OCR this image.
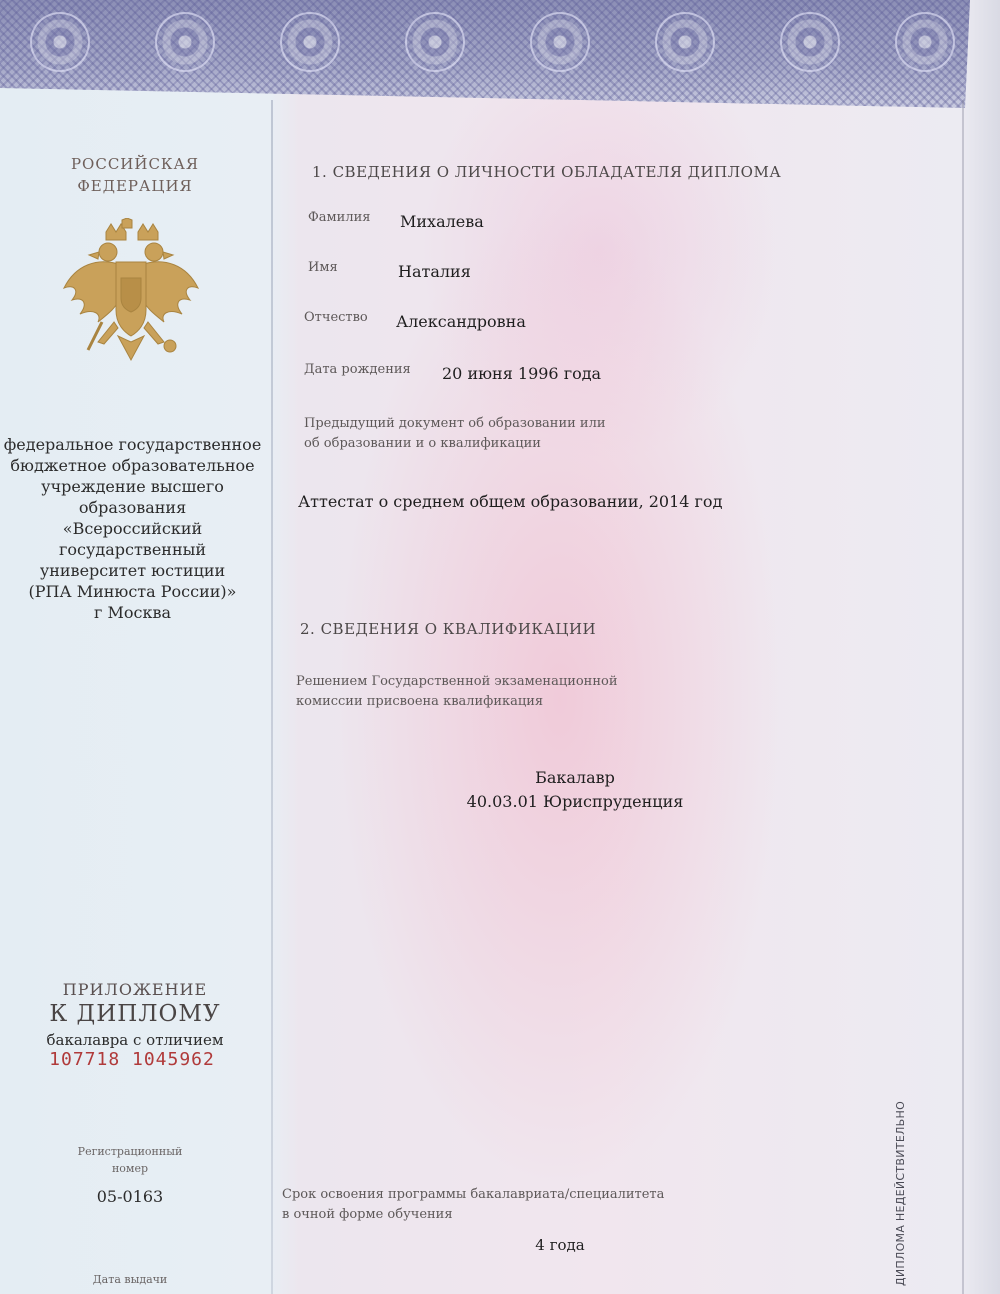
РОССИЙСКАЯ
ФЕДЕРАЦИЯ
федеральное государственное
бюджетное образовательное
учреждение высшего образования
«Всероссийский государственный
университет юстиции
(РПА Минюста России)»
г Москва
ПРИЛОЖЕНИЕ
К ДИПЛОМУ
бакалавра с отличием
107718 1045962
Регистрационный
номер
05-0163
Дата выдачи
1. СВЕДЕНИЯ О ЛИЧНОСТИ ОБЛАДАТЕЛЯ ДИПЛОМА
Фамилия Михалева
Имя	Наталия
Отчество Александровна
Дата рождения 20 июня 1996 года
Предыдущий документ об образовании или
об образовании и о квалификации
Аттестат о среднем общем образовании, 2014 год
2. СВЕДЕНИЯ О КВАЛИФИКАЦИИ
Решением Государственной экзаменационной
комиссии присвоена квалификация
Бакалавр
40.03.01 Юриспруденция
Срок освоения программы бакалавриата/специалитета
в очной форме обучения
4 года	ДИПЛОМА НЕДЕЙСТВИТЕЛЬНО
